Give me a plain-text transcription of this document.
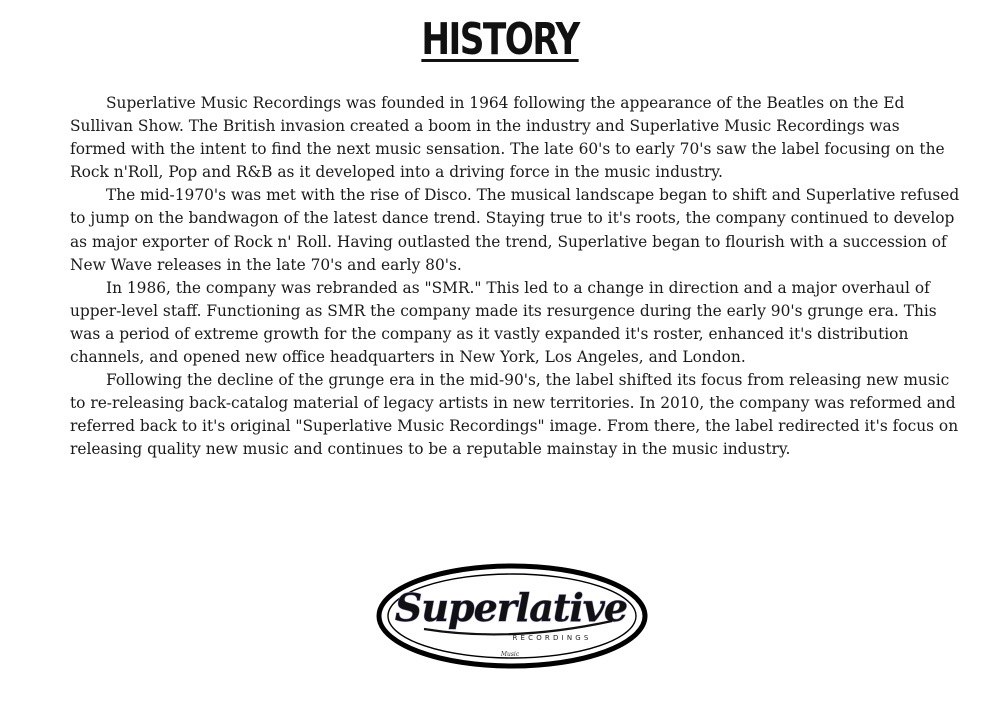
HISTORY

Superlative Music Recordings was founded in 1964 following the appearance of the Beatles on the Ed Sullivan Show. The British invasion created a boom in the industry and Superlative Music Recordings was formed with the intent to find the next music sensation. The late 60's to early 70's saw the label focusing on the Rock n'Roll, Pop and R&B as it developed into a driving force in the music industry.

The mid-1970's was met with the rise of Disco. The musical landscape began to shift and Superlative refused to jump on the bandwagon of the latest dance trend. Staying true to it's roots, the company continued to develop as major exporter of Rock n' Roll. Having outlasted the trend, Superlative began to flourish with a succession of New Wave releases in the late 70's and early 80's.

In 1986, the company was rebranded as "SMR." This led to a change in direction and a major overhaul of upper-level staff. Functioning as SMR the company made its resurgence during the early 90's grunge era. This was a period of extreme growth for the company as it vastly expanded it's roster, enhanced it's distribution channels, and opened new office headquarters in New York, Los Angeles, and London.

Following the decline of the grunge era in the mid-90's, the label shifted its focus from releasing new music to re-releasing back-catalog material of legacy artists in new territories. In 2010, the company was reformed and referred back to it's original "Superlative Music Recordings" image. From there, the label redirected it's focus on releasing quality new music and continues to be a reputable mainstay in the music industry.

Superlative
RECORDINGS
Music
